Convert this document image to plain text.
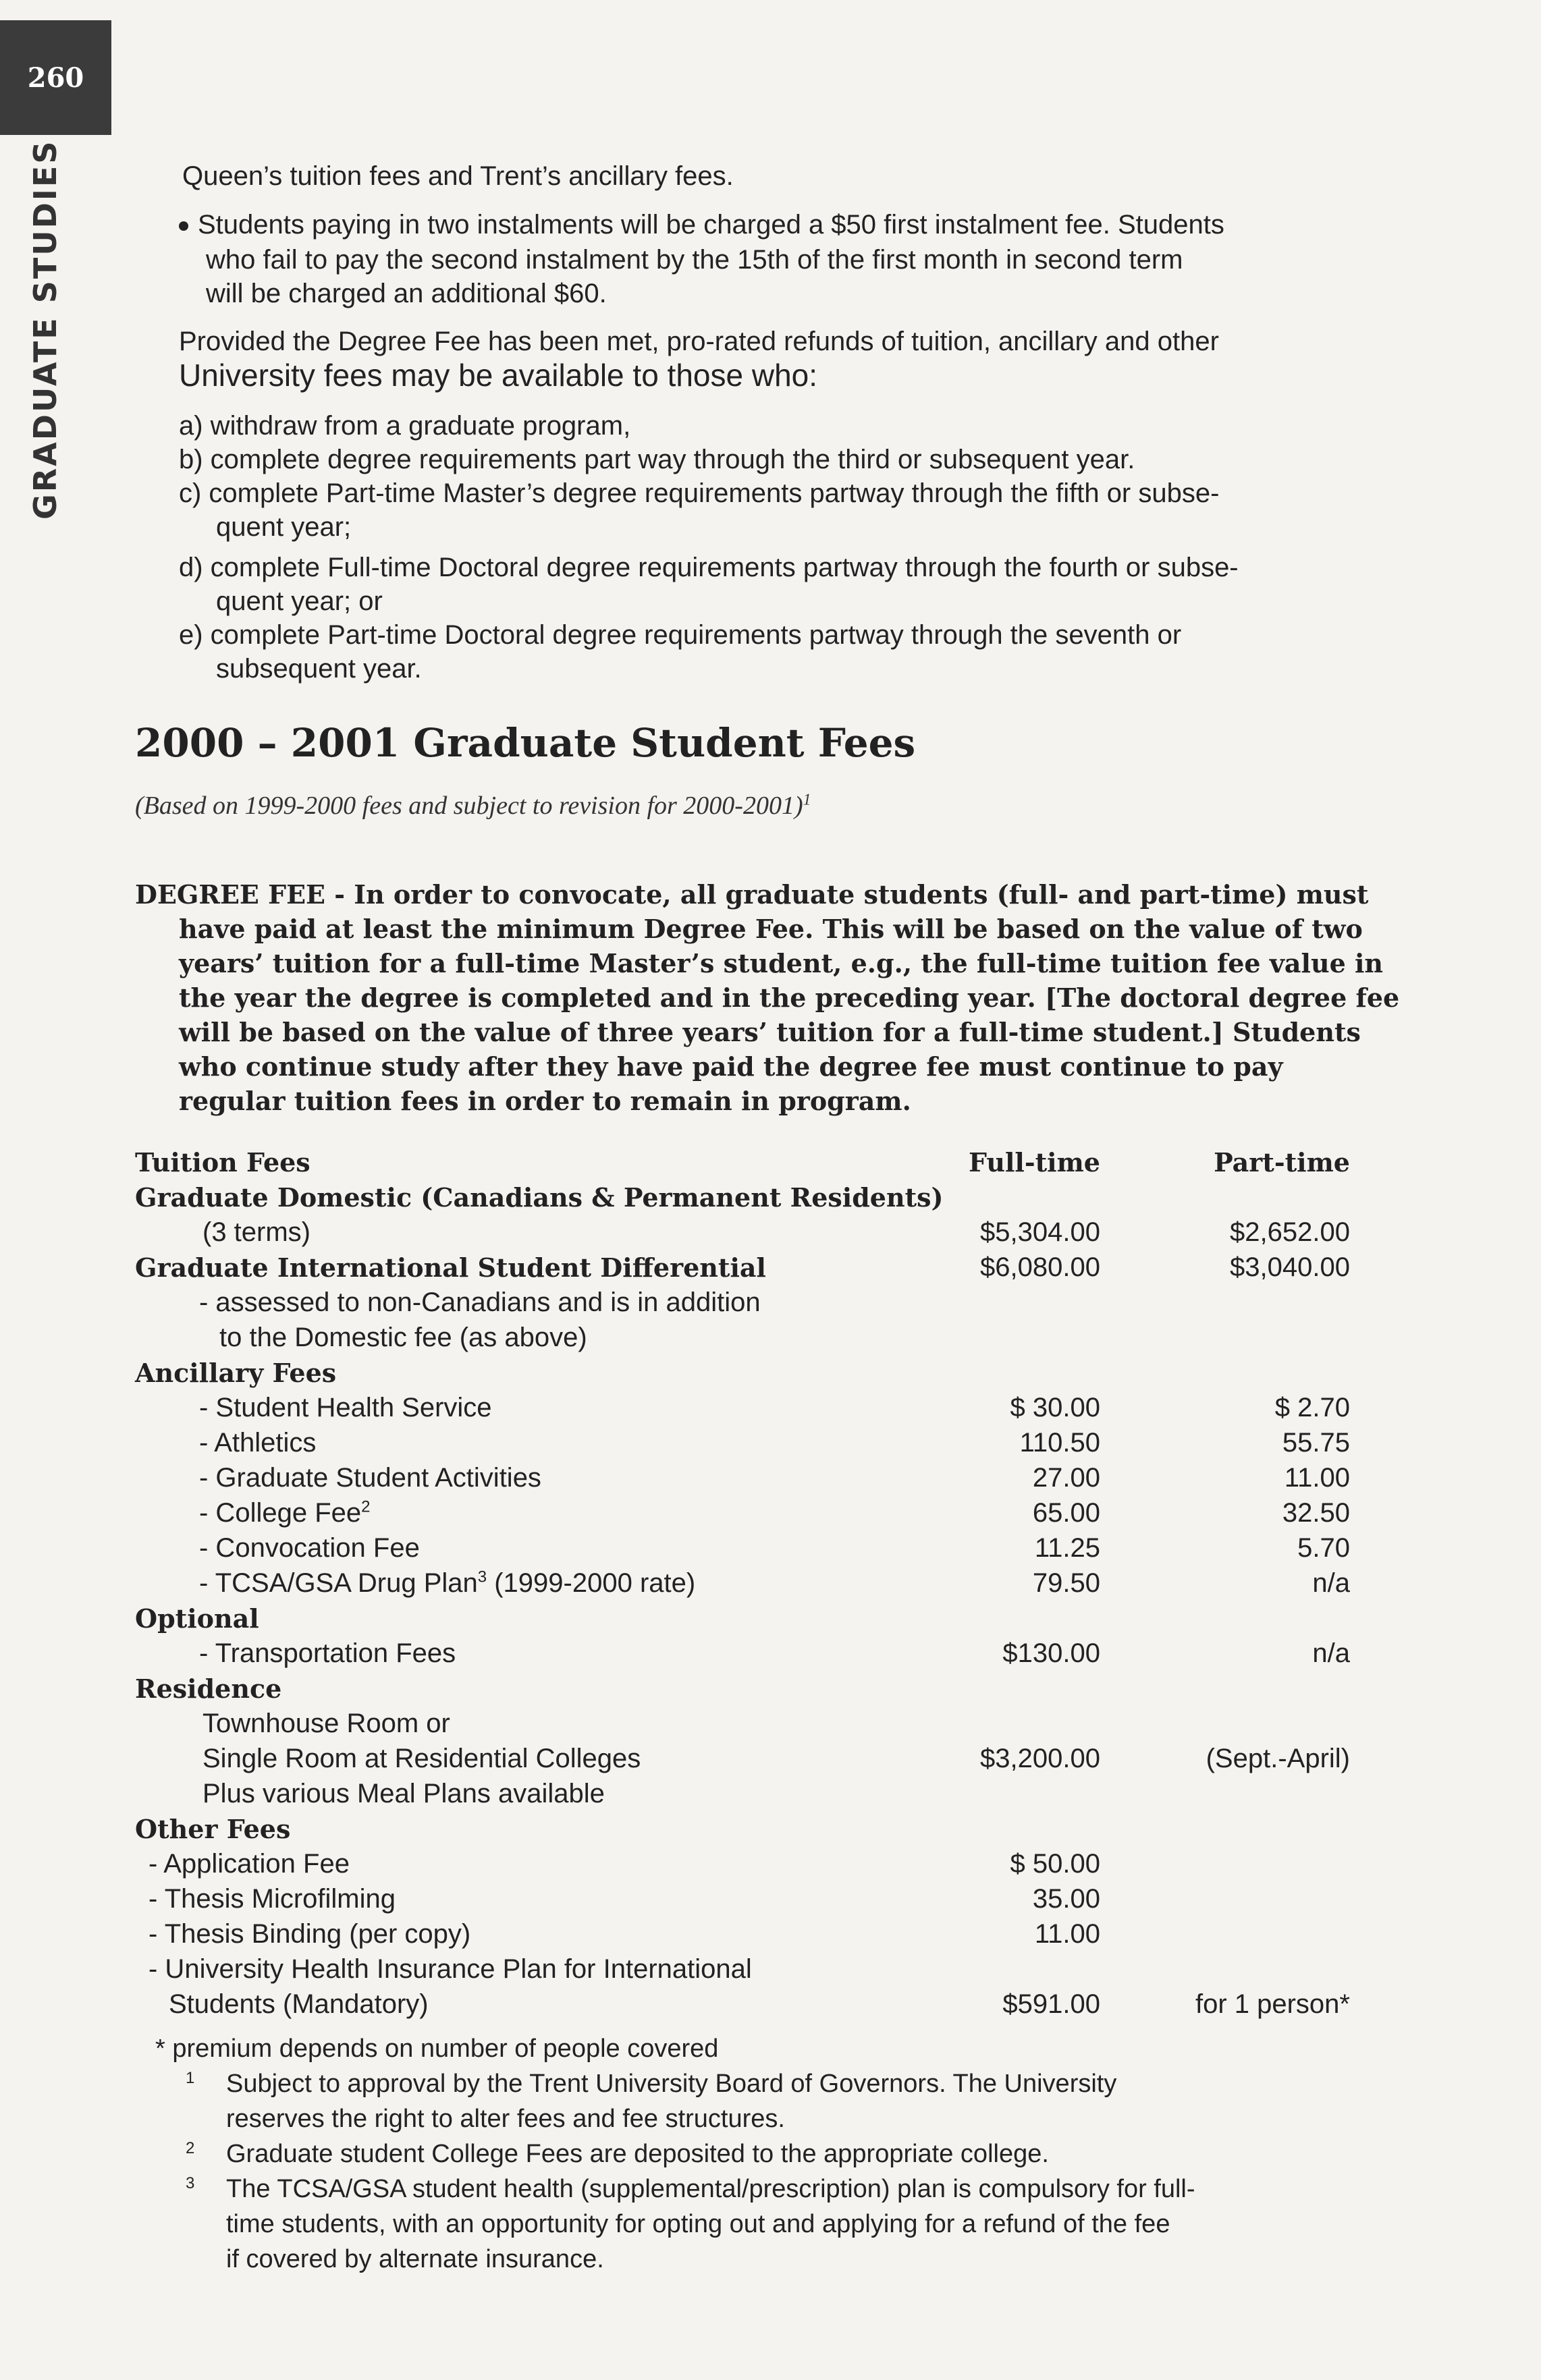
260
GRADUATE STUDIES	Queen’s tuition fees and Trent’s ancillary fees.
Students paying in two instalments will be charged a $50 first instalment fee. Students
who fail to pay the second instalment by the 15th of the first month in second term
will be charged an additional $60.
Provided the Degree Fee has been met, pro-rated refunds of tuition, ancillary and other
University fees may be available to those who:
a) withdraw from a graduate program,
b) complete degree requirements part way through the third or subsequent year.
c) complete Part-time Master’s degree requirements partway through the fifth or subse-
quent year;
d) complete Full-time Doctoral degree requirements partway through the fourth or subse-
quent year; or
e) complete Part-time Doctoral degree requirements partway through the seventh or
subsequent year.
2000 – 2001 Graduate Student Fees
(Based on 1999-2000 fees and subject to revision for 2000-2001)$^1$
DEGREE FEE - In order to convocate, all graduate students (full- and part-time) must
have paid at least the minimum Degree Fee. This will be based on the value of two
years’ tuition for a full-time Master’s student, e.g., the full-time tuition fee value in
the year the degree is completed and in the preceding year. [The doctoral degree fee
will be based on the value of three years’ tuition for a full-time student.] Students
who continue study after they have paid the degree fee must continue to pay
regular tuition fees in order to remain in program.
Tuition Fees	Full-time	Part-time
Graduate Domestic (Canadians & Permanent Residents)
(3 terms)	$5,304.00	$2,652.00
Graduate International Student Differential	$6,080.00	$3,040.00
- assessed to non-Canadians and is in addition
to the Domestic fee (as above)
Ancillary Fees
- Student Health Service	$ 30.00	$ 2.70
- Athletics	110.50	55.75
- Graduate Student Activities	27.00	11.00
- College Fee$^2$	65.00	32.50
- Convocation Fee	11.25	5.70
- TCSA/GSA Drug Plan$^3$ (1999-2000 rate)	79.50	n/a
Optional
- Transportation Fees	$130.00	n/a
Residence
Townhouse Room or
Single Room at Residential Colleges	$3,200.00	(Sept.-April)
Plus various Meal Plans available
Other Fees
- Application Fee	$ 50.00
- Thesis Microfilming	35.00
- Thesis Binding (per copy)	11.00
- University Health Insurance Plan for International
Students (Mandatory)	$591.00	for 1 person*
* premium depends on number of people covered
1 Subject to approval by the Trent University Board of Governors. The University
reserves the right to alter fees and fee structures.
2 Graduate student College Fees are deposited to the appropriate college.
3 The TCSA/GSA student health (supplemental/prescription) plan is compulsory for full-
time students, with an opportunity for opting out and applying for a refund of the fee
if covered by alternate insurance.
